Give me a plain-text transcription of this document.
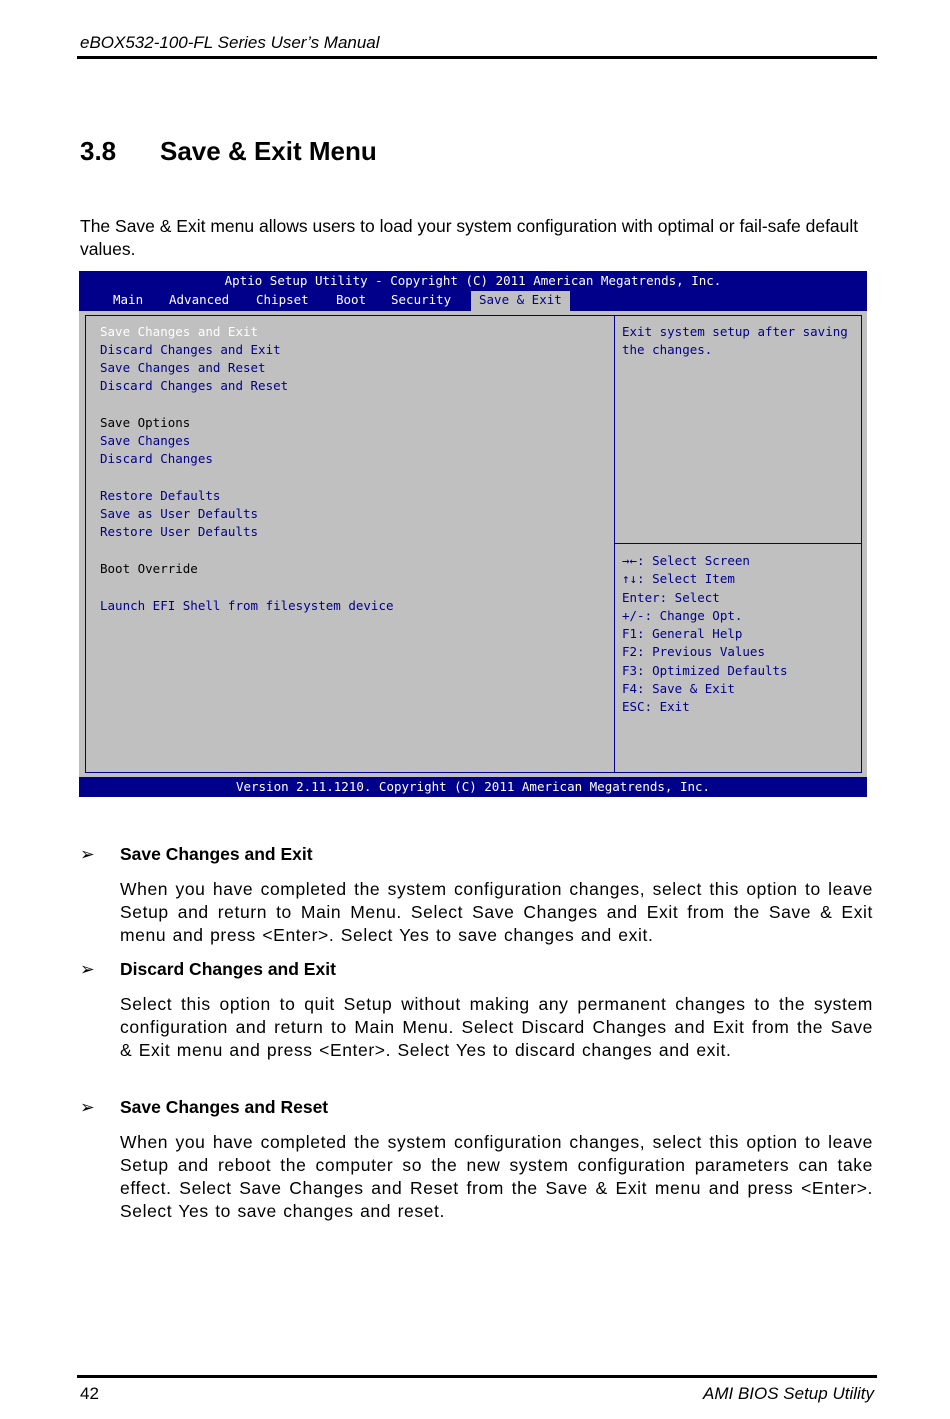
eBOX532-100-FL Series User’s Manual
3.8 Save & Exit Menu
The Save & Exit menu allows users to load your system configuration with optimal or fail-safe default values.
Aptio Setup Utility - Copyright (C) 2011 American Megatrends, Inc.
Main	Advanced	Chipset	Boot	Security	Save & Exit
Save Changes and Exit
Discard Changes and Exit
Save Changes and Reset
Discard Changes and Reset
Save Options
Save Changes
Discard Changes
Restore Defaults
Save as User Defaults
Restore User Defaults
Boot Override
Launch EFI Shell from filesystem device
Exit system setup after saving
the changes.
→←: Select Screen
↑↓: Select Item
Enter: Select
+/-: Change Opt.
F1: General Help
F2: Previous Values
F3: Optimized Defaults
F4: Save & Exit
ESC: Exit
Version 2.11.1210. Copyright (C) 2011 American Megatrends, Inc.
➢ Save Changes and Exit
When you have completed the system configuration changes, select this option to leave Setup and return to Main Menu. Select Save Changes and Exit from the Save & Exit menu and press <Enter>. Select Yes to save changes and exit.
➢ Discard Changes and Exit
Select this option to quit Setup without making any permanent changes to the system configuration and return to Main Menu. Select Discard Changes and Exit from the Save & Exit menu and press <Enter>. Select Yes to discard changes and exit.
➢ Save Changes and Reset
When you have completed the system configuration changes, select this option to leave Setup and reboot the computer so the new system configuration parameters can take effect. Select Save Changes and Reset from the Save & Exit menu and press <Enter>. Select Yes to save changes and reset.
42	AMI BIOS Setup Utility
